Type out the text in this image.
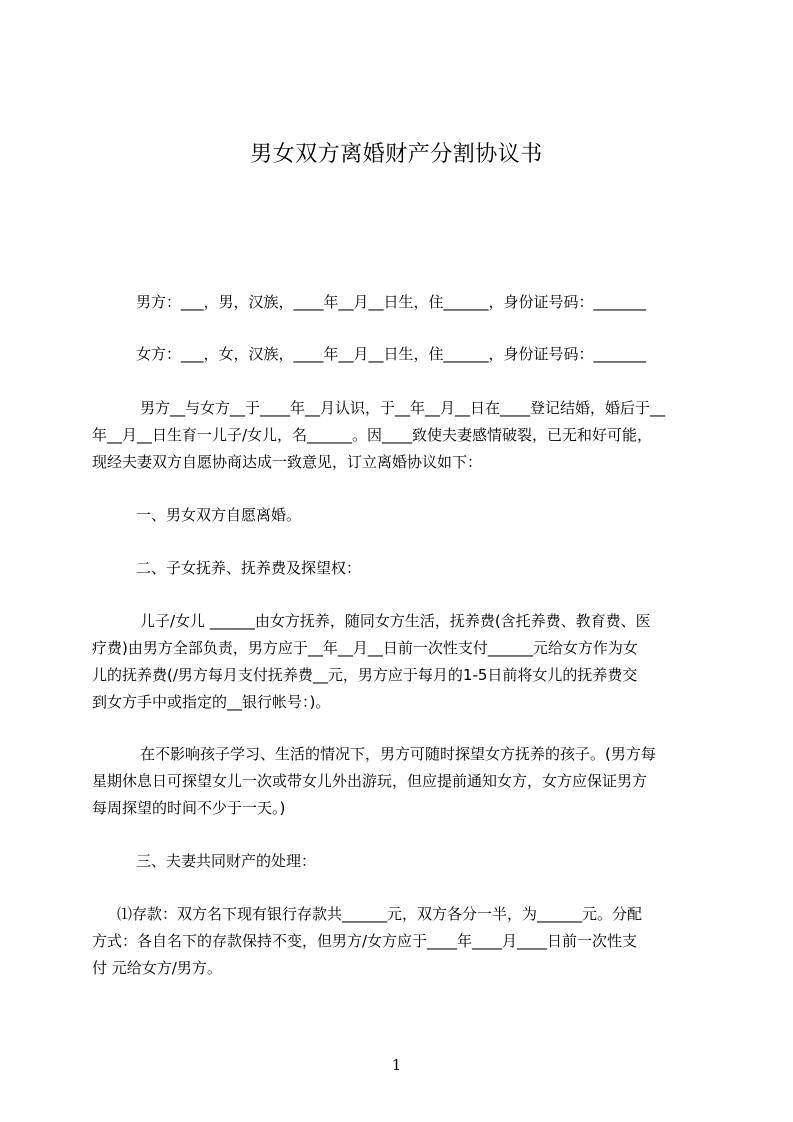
男女双方离婚财产分割协议书
男方：___，男，汉族，____年__月__日生，住______，身份证号码：_______
女方：___，女，汉族，____年__月__日生，住______，身份证号码：_______
男方__与女方__于____年__月认识，于__年__月__日在____登记结婚，婚后于__
年__月__日生育一儿子/女儿，名______。因____致使夫妻感情破裂，已无和好可能，
现经夫妻双方自愿协商达成一致意见，订立离婚协议如下：
一、男女双方自愿离婚。
二、子女抚养、抚养费及探望权：
儿子/女儿 ______由女方抚养，随同女方生活，抚养费(含托养费、教育费、医
疗费)由男方全部负责，男方应于__年__月__日前一次性支付______元给女方作为女
儿的抚养费(/男方每月支付抚养费__元，男方应于每月的1-5日前将女儿的抚养费交
到女方手中或指定的__银行帐号：)。
在不影响孩子学习、生活的情况下，男方可随时探望女方抚养的孩子。(男方每
星期休息日可探望女儿一次或带女儿外出游玩，但应提前通知女方，女方应保证男方
每周探望的时间不少于一天。)
三、夫妻共同财产的处理：
⑴存款：双方名下现有银行存款共______元，双方各分一半，为______元。分配
方式：各自名下的存款保持不变，但男方/女方应于____年____月____日前一次性支
付 元给女方/男方。
1
